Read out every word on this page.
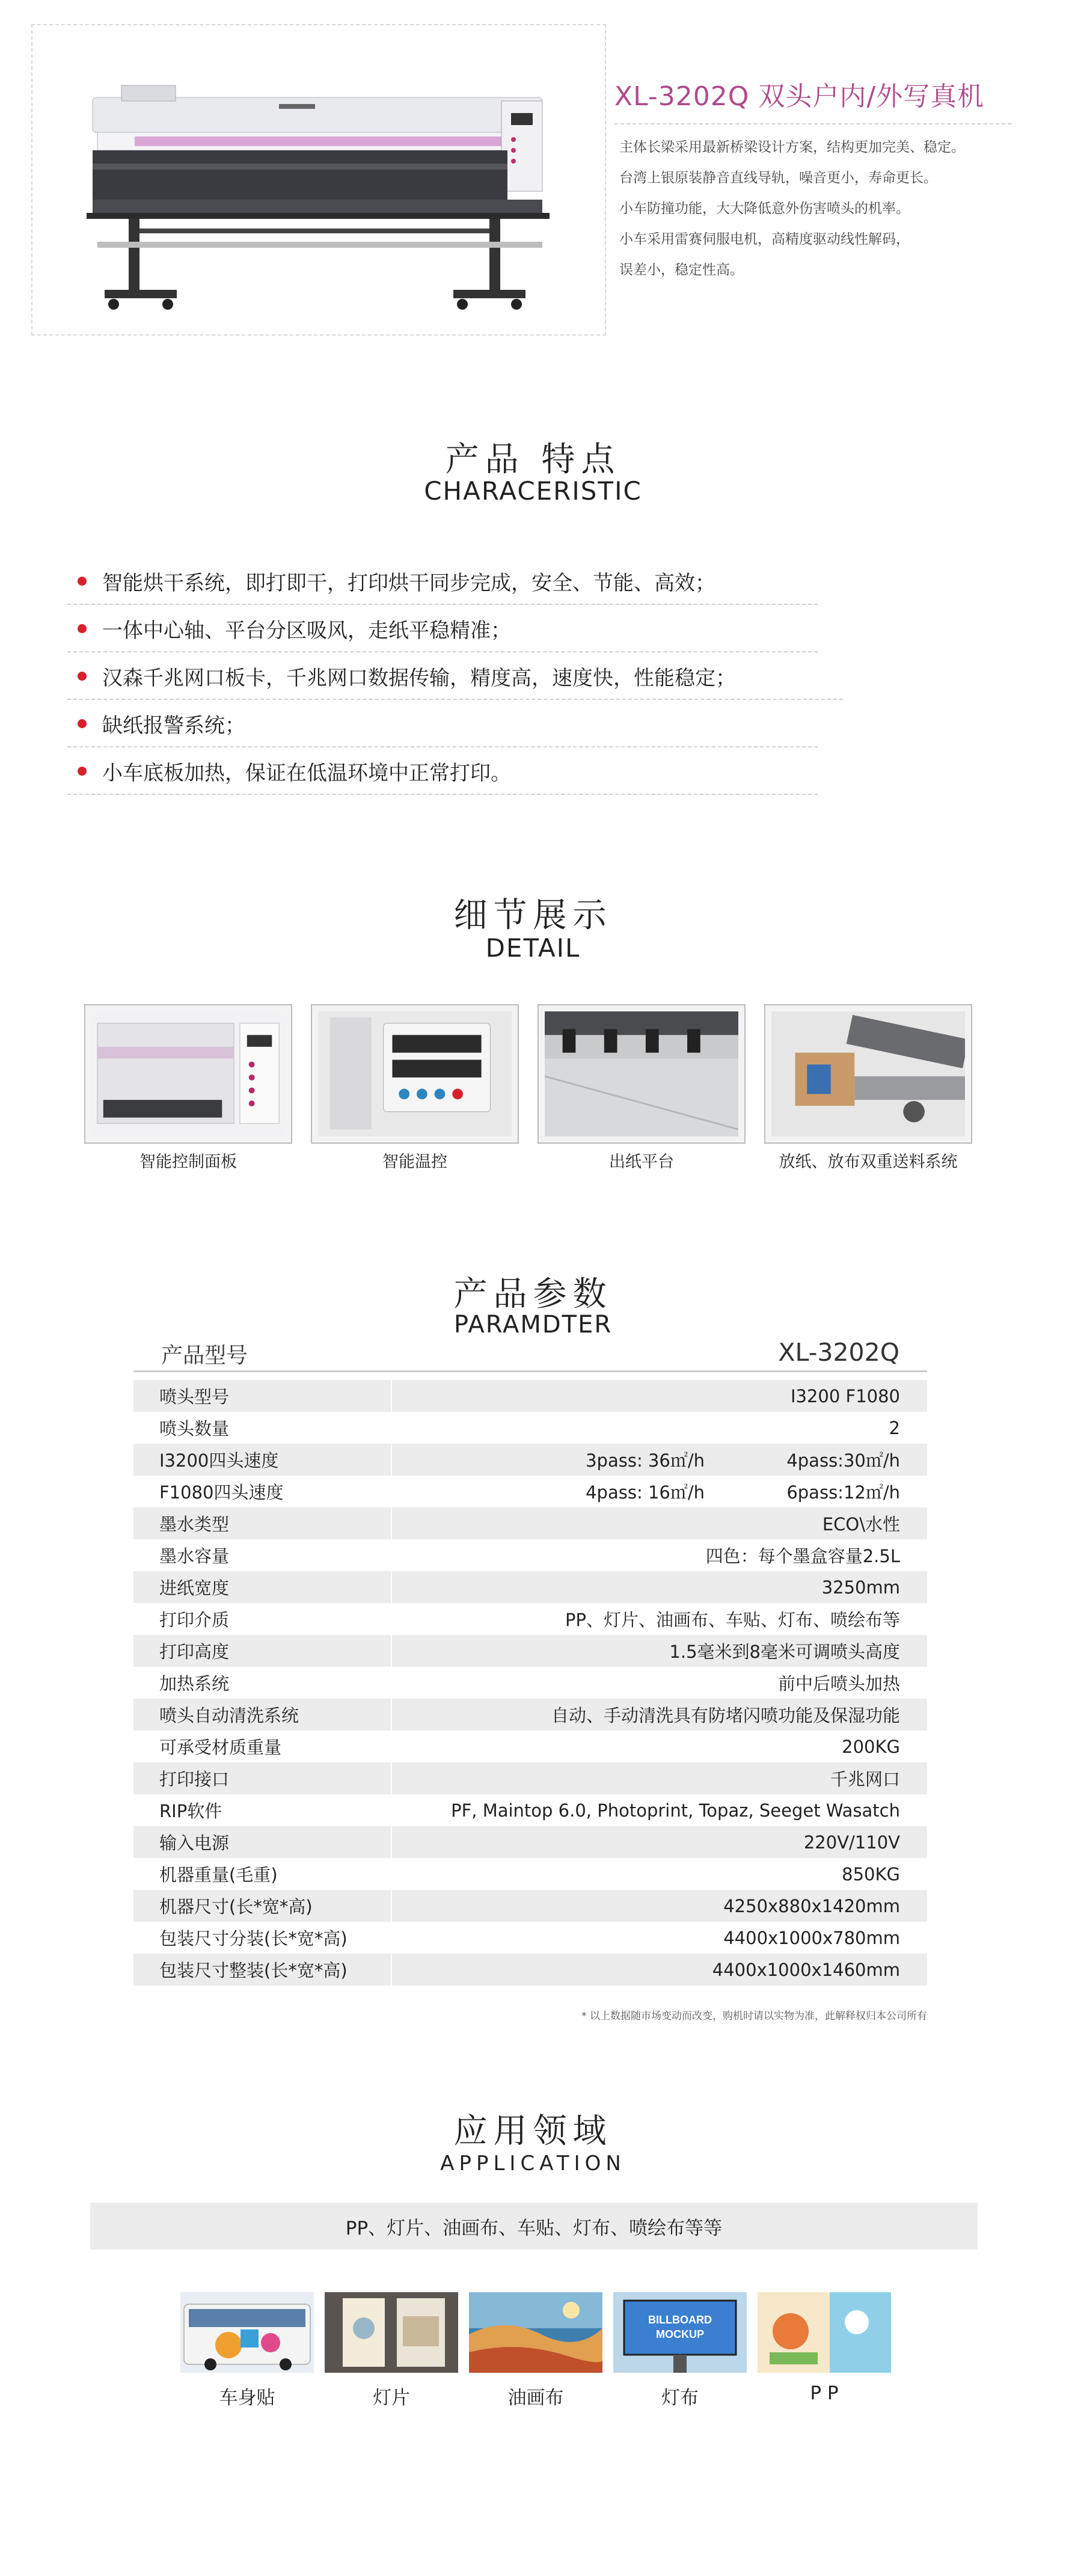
XL-3202Q 双头户内/外写真机
主体长梁采用最新桥梁设计方案，结构更加完美、稳定。
台湾上银原装静音直线导轨，噪音更小，寿命更长。
小车防撞功能，大大降低意外伤害喷头的机率。
小车采用雷赛伺服电机，高精度驱动线性解码，
误差小，稳定性高。
产品 特点
CHARACERISTIC
智能烘干系统，即打即干，打印烘干同步完成，安全、节能、高效；
一体中心轴、平台分区吸风，走纸平稳精准；
汉森千兆网口板卡，千兆网口数据传输，精度高，速度快，性能稳定；
缺纸报警系统；
小车底板加热，保证在低温环境中正常打印。
细节展示
DETAIL
智能控制面板	智能温控	出纸平台	放纸、放布双重送料系统
产品参数
PARAMDTER
产品型号	XL-3202Q
喷头型号	I3200 F1080
喷头数量	2
I3200四头速度	3pass: 36㎡/h	4pass:30㎡/h
F1080四头速度	4pass: 16㎡/h	6pass:12㎡/h
墨水类型	ECO\水性
墨水容量	四色：每个墨盒容量2.5L
进纸宽度	3250mm
打印介质	PP、灯片、油画布、车贴、灯布、喷绘布等
打印高度	1.5毫米到8毫米可调喷头高度
加热系统	前中后喷头加热
喷头自动清洗系统	自动、手动清洗具有防堵闪喷功能及保湿功能
可承受材质重量	200KG
打印接口	千兆网口
RIP软件	PF, Maintop 6.0, Photoprint, Topaz, Seeget Wasatch
输入电源	220V/110V
机器重量(毛重)	850KG
机器尺寸(长*宽*高)	4250x880x1420mm
包装尺寸分装(长*宽*高)	4400x1000x780mm
包装尺寸整装(长*宽*高)	4400x1000x1460mm
* 以上数据随市场变动而改变，购机时请以实物为准，此解释权归本公司所有
应用领域
APPLICATION
PP、灯片、油画布、车贴、灯布、喷绘布等等
BILLBOARD
MOCKUP
车身贴	灯片	油画布	灯布	P P
